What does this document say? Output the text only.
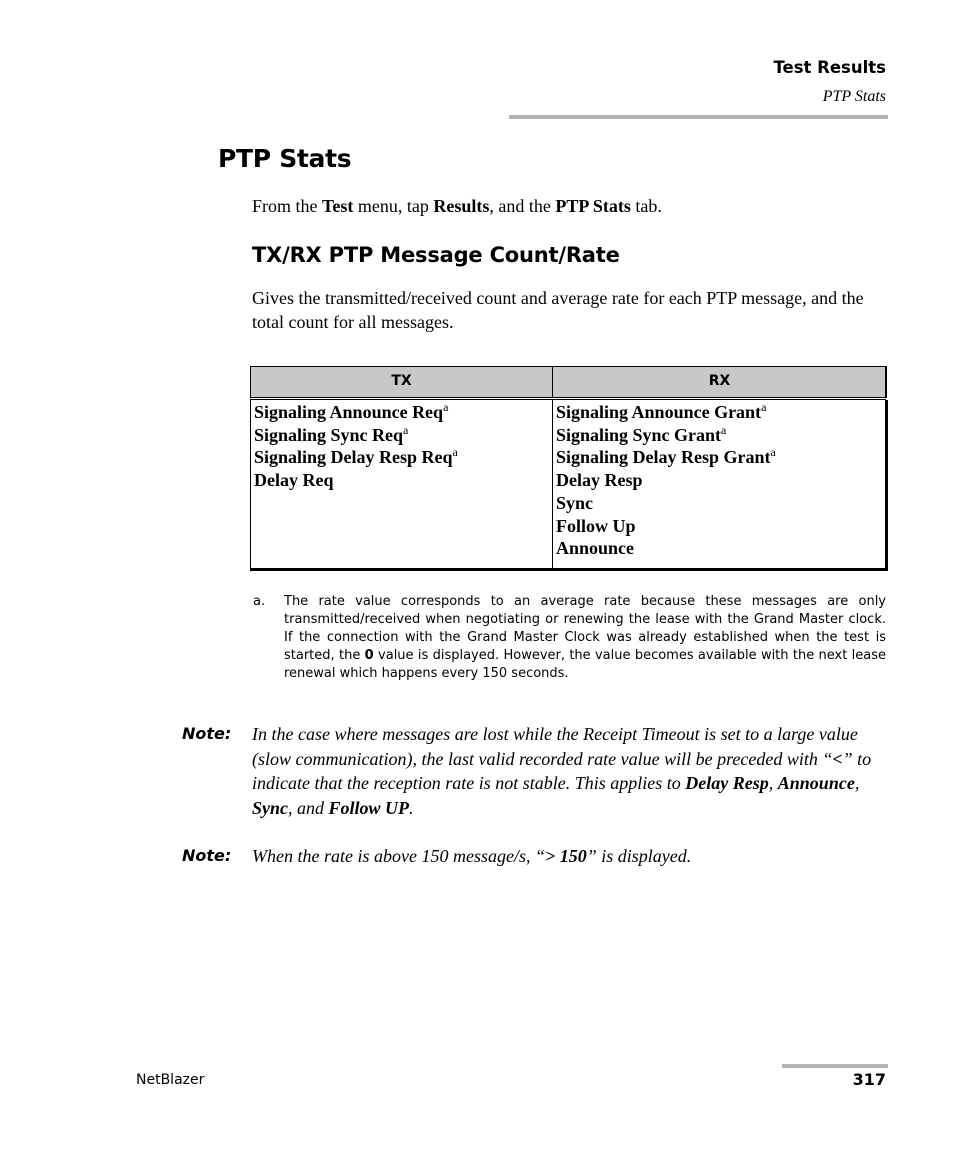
Test Results
PTP Stats
PTP Stats

From the Test menu, tap Results, and the PTP Stats tab.

TX/RX PTP Message Count/Rate

Gives the transmitted/received count and average rate for each PTP message, and the total count for all messages.

TX	RX
Signaling Announce Req$^a$
Signaling Sync Req$^a$
Signaling Delay Resp Req$^a$
Delay Req
Signaling Announce Grant$^a$
Signaling Sync Grant$^a$
Signaling Delay Resp Grant$^a$
Delay Resp
Sync
Follow Up
Announce
a. The rate value corresponds to an average rate because these messages are only transmitted/received when negotiating or renewing the lease with the Grand Master clock. If the connection with the Grand Master Clock was already established when the test is started, the 0 value is displayed. However, the value becomes available with the next lease renewal which happens every 150 seconds.
Note: In the case where messages are lost while the Receipt Timeout is set to a large value (slow communication), the last valid recorded rate value will be preceded with “<” to indicate that the reception rate is not stable. This applies to Delay Resp, Announce, Sync, and Follow UP.
Note: When the rate is above 150 message/s, “> 150” is displayed.
NetBlazer	317
